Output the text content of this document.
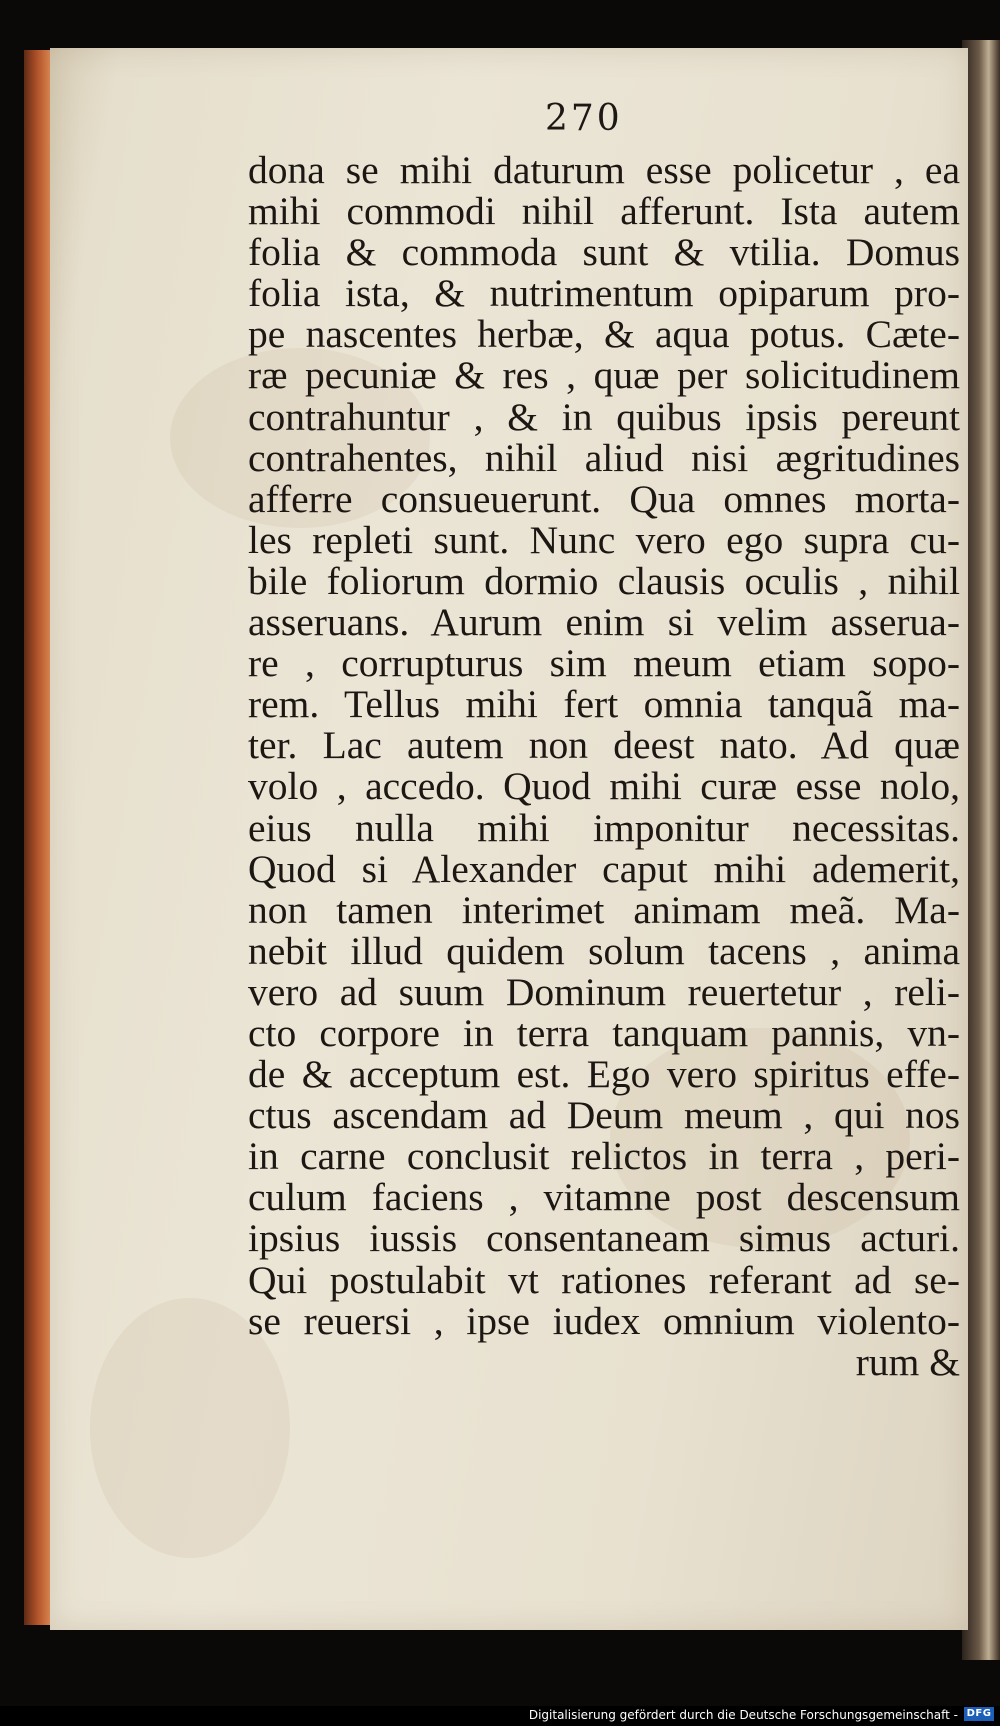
270
dona se mihi daturum esse policetur , ea
mihi commodi nihil afferunt. Ista autem
folia & commoda sunt & vtilia. Domus
folia ista, & nutrimentum opiparum pro-
pe nascentes herbæ, & aqua potus. Cæte-
ræ pecuniæ & res , quæ per solicitudinem
contrahuntur , & in quibus ipsis pereunt
contrahentes, nihil aliud nisi ægritudines
afferre consueuerunt. Qua omnes morta-
les repleti sunt. Nunc vero ego supra cu-
bile foliorum dormio clausis oculis , nihil
asseruans. Aurum enim si velim asserua-
re , corrupturus sim meum etiam sopo-
rem. Tellus mihi fert omnia tanquã ma-
ter. Lac autem non deest nato. Ad quæ
volo , accedo. Quod mihi curæ esse nolo,
eius nulla mihi imponitur necessitas.
Quod si Alexander caput mihi ademerit,
non tamen interimet animam meã. Ma-
nebit illud quidem solum tacens , anima
vero ad suum Dominum reuertetur , reli-
cto corpore in terra tanquam pannis, vn-
de & acceptum est. Ego vero spiritus effe-
ctus ascendam ad Deum meum , qui nos
in carne conclusit relictos in terra , peri-
culum faciens , vitamne post descensum
ipsius iussis consentaneam simus acturi.
Qui postulabit vt rationes referant ad se-
se reuersi , ipse iudex omnium violento-
rum &
Digitalisierung gefördert durch die Deutsche Forschungsgemeinschaft - DFG
